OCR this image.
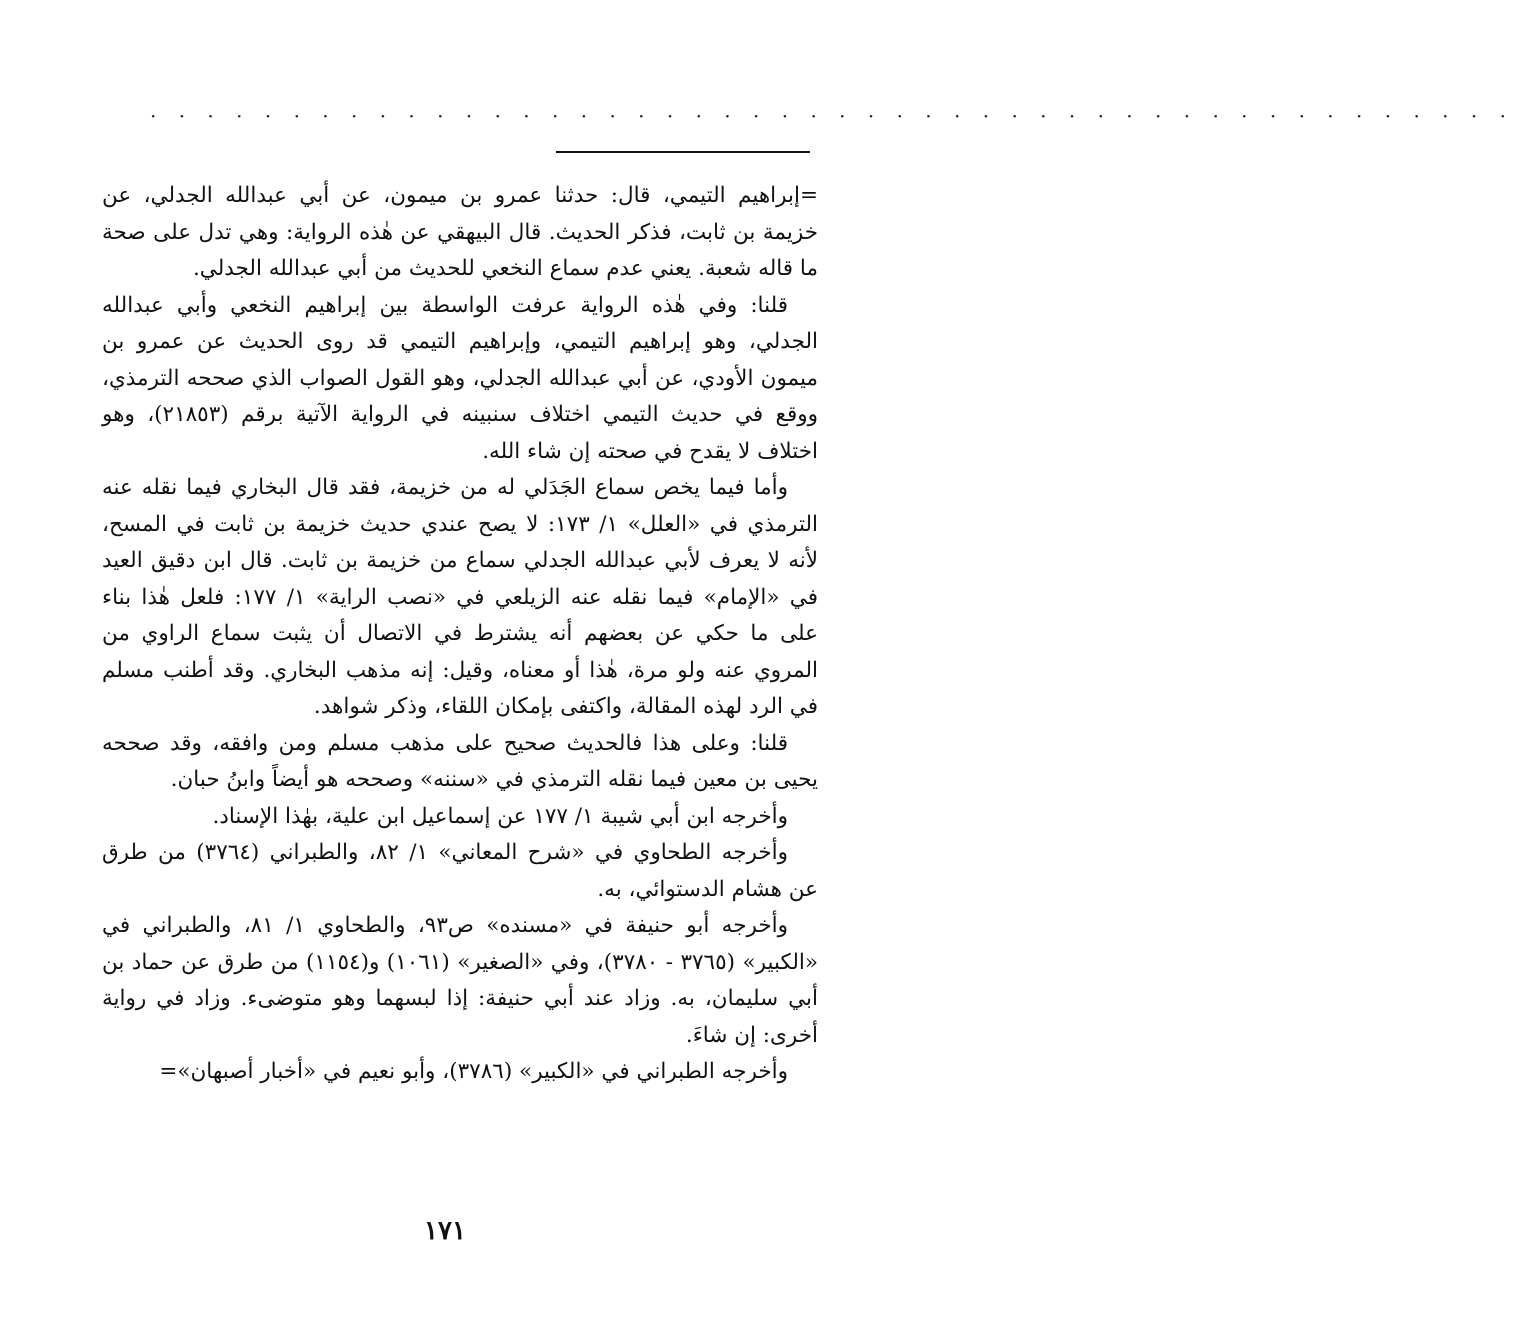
· · · · · · · · · · · · · · · · · · · · · · · · · · · · · · · · · · · · · · · · · · · · · · · ·

=إبراهيم التيمي، قال: حدثنا عمرو بن ميمون، عن أبي عبدالله الجدلي، عن خزيمة بن ثابت، فذكر الحديث. قال البيهقي عن هٰذه الرواية: وهي تدل على صحة ما قاله شعبة. يعني عدم سماع النخعي للحديث من أبي عبدالله الجدلي.

قلنا: وفي هٰذه الرواية عرفت الواسطة بين إبراهيم النخعي وأبي عبدالله الجدلي، وهو إبراهيم التيمي، وإبراهيم التيمي قد روى الحديث عن عمرو بن ميمون الأودي، عن أبي عبدالله الجدلي، وهو القول الصواب الذي صححه الترمذي، ووقع في حديث التيمي اختلاف سنبينه في الرواية الآتية برقم (٢١٨٥٣)، وهو اختلاف لا يقدح في صحته إن شاء الله.

وأما فيما يخص سماع الجَدَلي له من خزيمة، فقد قال البخاري فيما نقله عنه الترمذي في «العلل» ١/ ١٧٣: لا يصح عندي حديث خزيمة بن ثابت في المسح، لأنه لا يعرف لأبي عبدالله الجدلي سماع من خزيمة بن ثابت. قال ابن دقيق العيد في «الإمام» فيما نقله عنه الزيلعي في «نصب الراية» ١/ ١٧٧: فلعل هٰذا بناء على ما حكي عن بعضهم أنه يشترط في الاتصال أن يثبت سماع الراوي من المروي عنه ولو مرة، هٰذا أو معناه، وقيل: إنه مذهب البخاري. وقد أطنب مسلم في الرد لهذه المقالة، واكتفى بإمكان اللقاء، وذكر شواهد.

قلنا: وعلى هذا فالحديث صحيح على مذهب مسلم ومن وافقه، وقد صححه يحيى بن معين فيما نقله الترمذي في «سننه» وصححه هو أيضاً وابنُ حبان.

وأخرجه ابن أبي شيبة ١/ ١٧٧ عن إسماعيل ابن علية، بهٰذا الإسناد.

وأخرجه الطحاوي في «شرح المعاني» ١/ ٨٢، والطبراني (٣٧٦٤) من طرق عن هشام الدستوائي، به.

وأخرجه أبو حنيفة في «مسنده» ص٩٣، والطحاوي ١/ ٨١، والطبراني في «الكبير» (٣٧٦٥ - ٣٧٨٠)، وفي «الصغير» (١٠٦١) و(١١٥٤) من طرق عن حماد بن أبي سليمان، به. وزاد عند أبي حنيفة: إذا لبسهما وهو متوضىء. وزاد في رواية أخرى: إن شاءَ.

وأخرجه الطبراني في «الكبير» (٣٧٨٦)، وأبو نعيم في «أخبار أصبهان»=

١٧١
